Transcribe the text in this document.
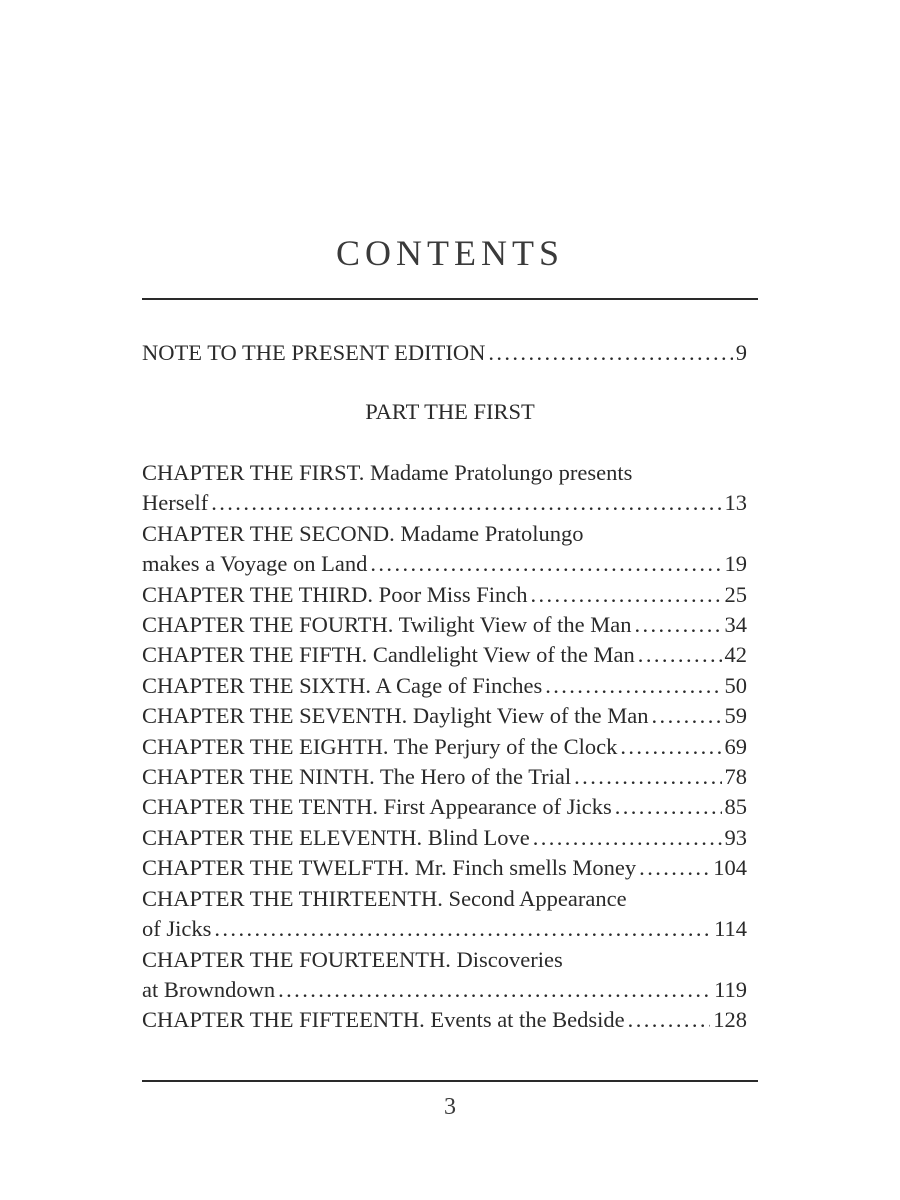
CONTENTS
NOTE TO THE PRESENT EDITION .....	9
PART THE FIRST
CHAPTER THE FIRST. Madame Pratolungo presents
Herself .....	13
CHAPTER THE SECOND. Madame Pratolungo
makes a Voyage on Land .....	19
CHAPTER THE THIRD. Poor Miss Finch .....	25
CHAPTER THE FOURTH. Twilight View of the Man .....	34
CHAPTER THE FIFTH. Candlelight View of the Man .....	42
CHAPTER THE SIXTH. A Cage of Finches .....	50
CHAPTER THE SEVENTH. Daylight View of the Man .....	59
CHAPTER THE EIGHTH. The Perjury of the Clock .....	69
CHAPTER THE NINTH. The Hero of the Trial .....	78
CHAPTER THE TENTH. First Appearance of Jicks .....	85
CHAPTER THE ELEVENTH. Blind Love .....	93
CHAPTER THE TWELFTH. Mr. Finch smells Money .....	104
CHAPTER THE THIRTEENTH. Second Appearance
of Jicks .....	114
CHAPTER THE FOURTEENTH. Discoveries
at Browndown .....	119
CHAPTER THE FIFTEENTH. Events at the Bedside .....	128
3
